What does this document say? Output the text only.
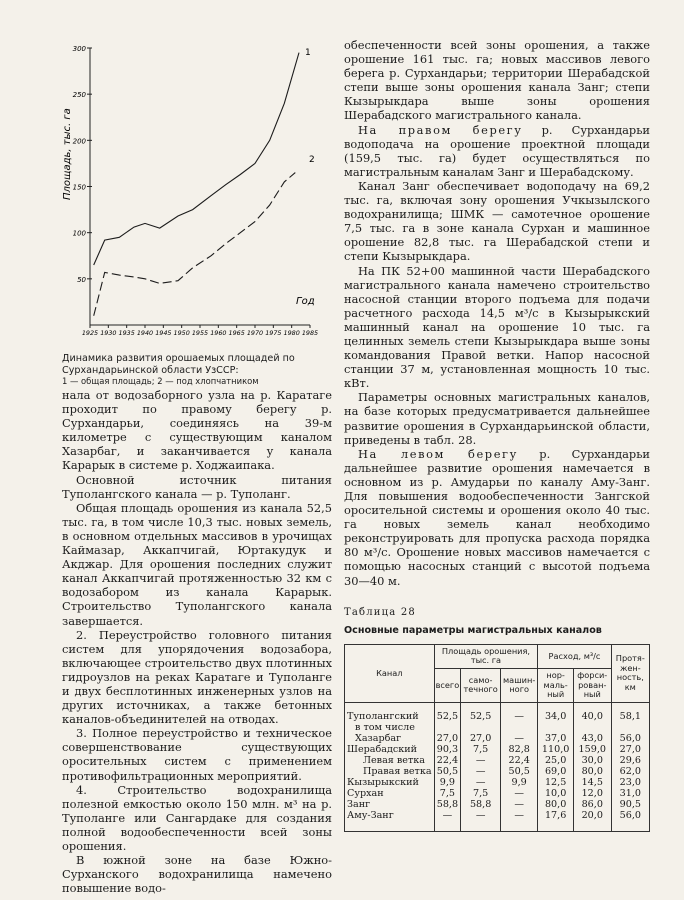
50
100
150
200
250
300
1925 1930 1935 1940 1945 1950 1955 1960 1965 1970 1975 1980 1985
Площадь, тыс. га
Год
1
2
Динамика развития орошаемых площадей по Сурхандарьинской области УзССР:
1 — общая площадь; 2 — под хлопчатником

нала от водозаборного узла на р. Каратаге проходит по правому берегу р. Сурхандарьи, соединяясь на 39-м километре с существующим каналом Хазарбаг, и заканчивается у канала Карарык в системе р. Ходжаипака.

Основной источник питания Туполангского канала — р. Туполанг.

Общая площадь орошения из канала 52,5 тыс. га, в том числе 10,3 тыс. новых земель, в основном отдельных массивов в урочищах Каймазар, Аккапчигай, Юртакудук и Акджар. Для орошения последних служит канал Аккапчигай протяженностью 32 км с водозабором из канала Карарык. Строительство Туполангского канала завершается.

2. Переустройство головного питания систем для упорядочения водозабора, включающее строительство двух плотинных гидроузлов на реках Каратаге и Туполанге и двух бесплотинных инженерных узлов на других источниках, а также бетонных каналов-объединителей на отводах.

3. Полное переустройство и техническое совершенствование существующих оросительных систем с применением противофильтрационных мероприятий.

4. Строительство водохранилища полезной емкостью около 150 млн. м³ на р. Туполанге или Сангардаке для создания полной водообеспеченности всей зоны орошения.

В южной зоне на базе Южно-Сурханского водохранилища намечено повышение водо-

обеспеченности всей зоны орошения, а также орошение 161 тыс. га; новых массивов левого берега р. Сурхандарьи; территории Шерабадской степи выше зоны орошения канала Занг; степи Кызырыкдара выше зоны орошения Шерабадского магистрального канала.

На правом берегу р. Сурхандарьи водоподача на орошение проектной площади (159,5 тыс. га) будет осуществляться по магистральным каналам Занг и Шерабадскому.

Канал Занг обеспечивает водоподачу на 69,2 тыс. га, включая зону орошения Учкызылского водохранилища; ШМК — самотечное орошение 7,5 тыс. га в зоне канала Сурхан и машинное орошение 82,8 тыс. га Шерабадской степи и степи Кызырыкдара.

На ПК 52+00 машинной части Шерабадского магистрального канала намечено строительство насосной станции второго подъема для подачи расчетного расхода 14,5 м³/с в Кызырыкский машинный канал на орошение 10 тыс. га целинных земель степи Кызырыкдара выше зоны командования Правой ветки. Напор насосной станции 37 м, установленная мощность 10 тыс. кВт.

Параметры основных магистральных каналов, на базе которых предусматривается дальнейшее развитие орошения в Сурхандарьинской области, приведены в табл. 28.

На левом берегу р. Сурхандарьи дальнейшее развитие орошения намечается в основном из р. Амударьи по каналу Аму-Занг. Для повышения водообеспеченности Зангской оросительной системы и орошения около 40 тыс. га новых земель канал необходимо реконструировать для пропуска расхода порядка 80 м³/с. Орошение новых массивов намечается с помощью насосных станций с высотой подъема 30—40 м.

Таблица 28
Основные параметры магистральных каналов
Канал	Площадь орошения, тыс. га			Расход, м³/с		Протя-жен-ность, км
	всего	само-течного	машин-ного	нор-маль-ный	форси-рован-ный	
Туполангский	52,5	52,5	—	34,0	40,0	58,1
в том числе						
Хазарбаг	27,0	27,0	—	37,0	43,0	56,0
Шерабадский	90,3	7,5	82,8	110,0	159,0	27,0
Левая ветка	22,4	—	22,4	25,0	30,0	29,6
Правая ветка	50,5	—	50,5	69,0	80,0	62,0
Кызырыкский	9,9	—	9,9	12,5	14,5	23,0
Сурхан	7,5	7,5	—	10,0	12,0	31,0
Занг	58,8	58,8	—	80,0	86,0	90,5
Аму-Занг	—	—	—	17,6	20,0	56,0
